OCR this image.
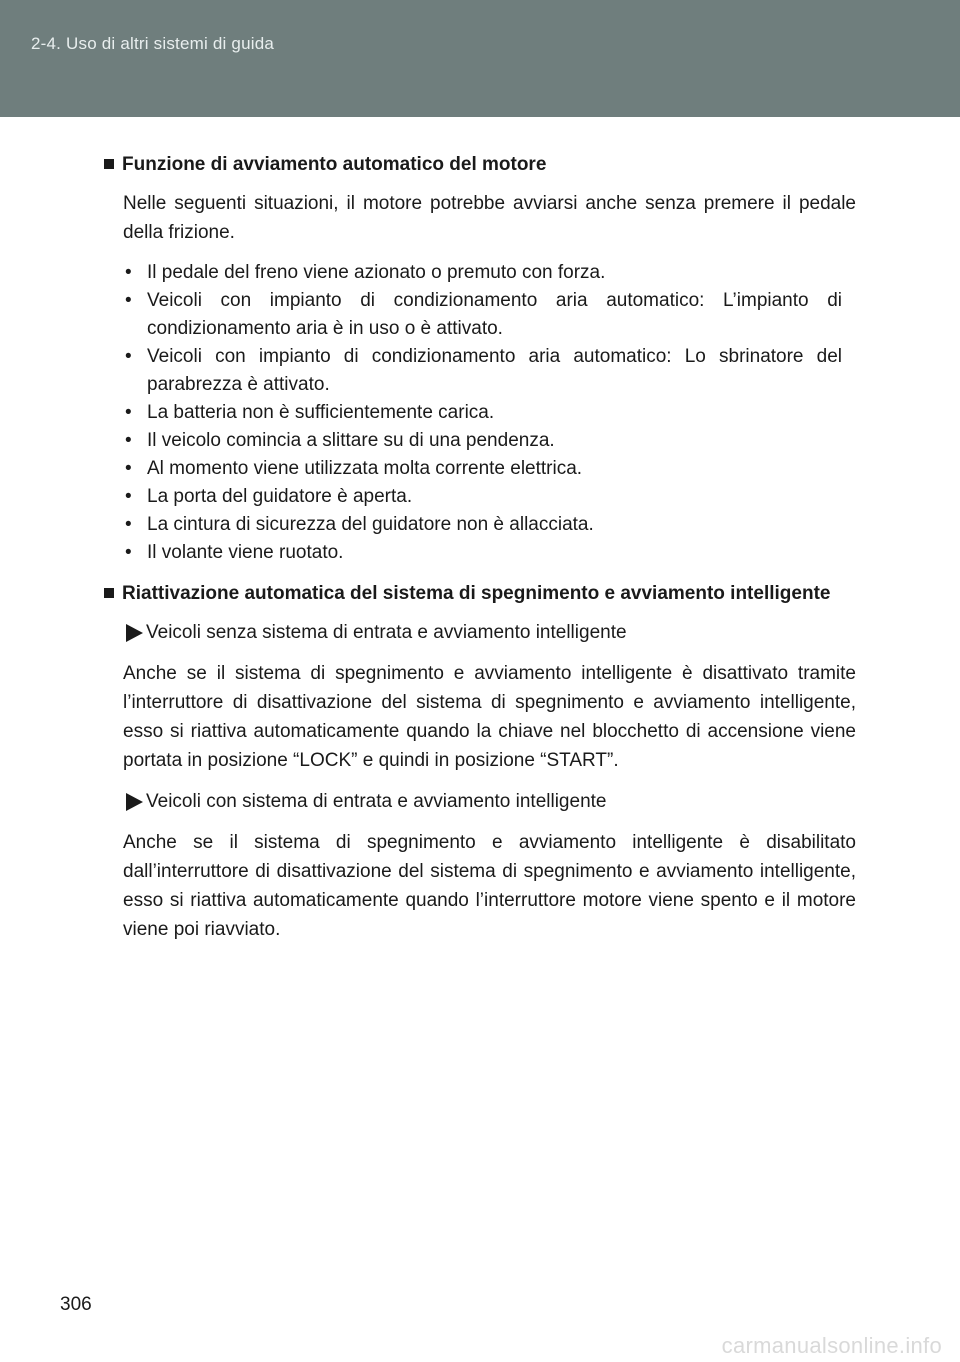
2-4. Uso di altri sistemi di guida
Funzione di avviamento automatico del motore
Nelle seguenti situazioni, il motore potrebbe avviarsi anche senza premere il pedale della frizione.
• Il pedale del freno viene azionato o premuto con forza.
• Veicoli con impianto di condizionamento aria automatico: L’impianto di condizionamento aria è in uso o è attivato.
• Veicoli con impianto di condizionamento aria automatico: Lo sbrinatore del parabrezza è attivato.
• La batteria non è sufficientemente carica.
• Il veicolo comincia a slittare su di una pendenza.
• Al momento viene utilizzata molta corrente elettrica.
• La porta del guidatore è aperta.
• La cintura di sicurezza del guidatore non è allacciata.
• Il volante viene ruotato.
Riattivazione automatica del sistema di spegnimento e avviamento intelligente
Veicoli senza sistema di entrata e avviamento intelligente
Anche se il sistema di spegnimento e avviamento intelligente è disattivato tramite l’interruttore di disattivazione del sistema di spegnimento e avviamento intelligente, esso si riattiva automaticamente quando la chiave nel blocchetto di accensione viene portata in posizione “LOCK” e quindi in posizione “START”.
Veicoli con sistema di entrata e avviamento intelligente
Anche se il sistema di spegnimento e avviamento intelligente è disabilitato dall’interruttore di disattivazione del sistema di spegnimento e avviamento intelligente, esso si riattiva automaticamente quando l’interruttore motore viene spento e il motore viene poi riavviato.
306
carmanualsonline.info
